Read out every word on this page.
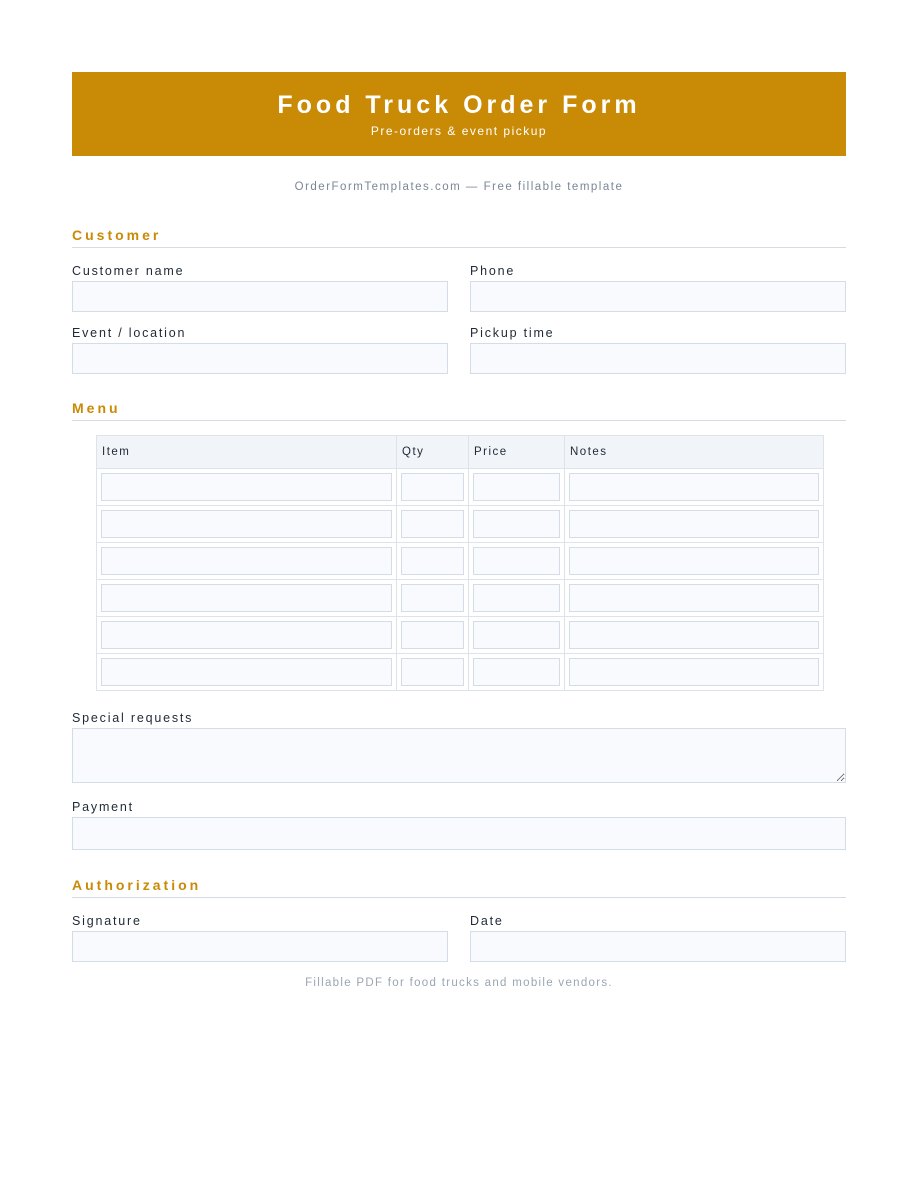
Food Truck Order Form
Pre-orders & event pickup
OrderFormTemplates.com — Free fillable template
Customer
Customer name	Phone
Event / location	Pickup time
Menu
Item	Qty	Price	Notes

Special requests
Payment
Authorization
Signature	Date
Fillable PDF for food trucks and mobile vendors.
